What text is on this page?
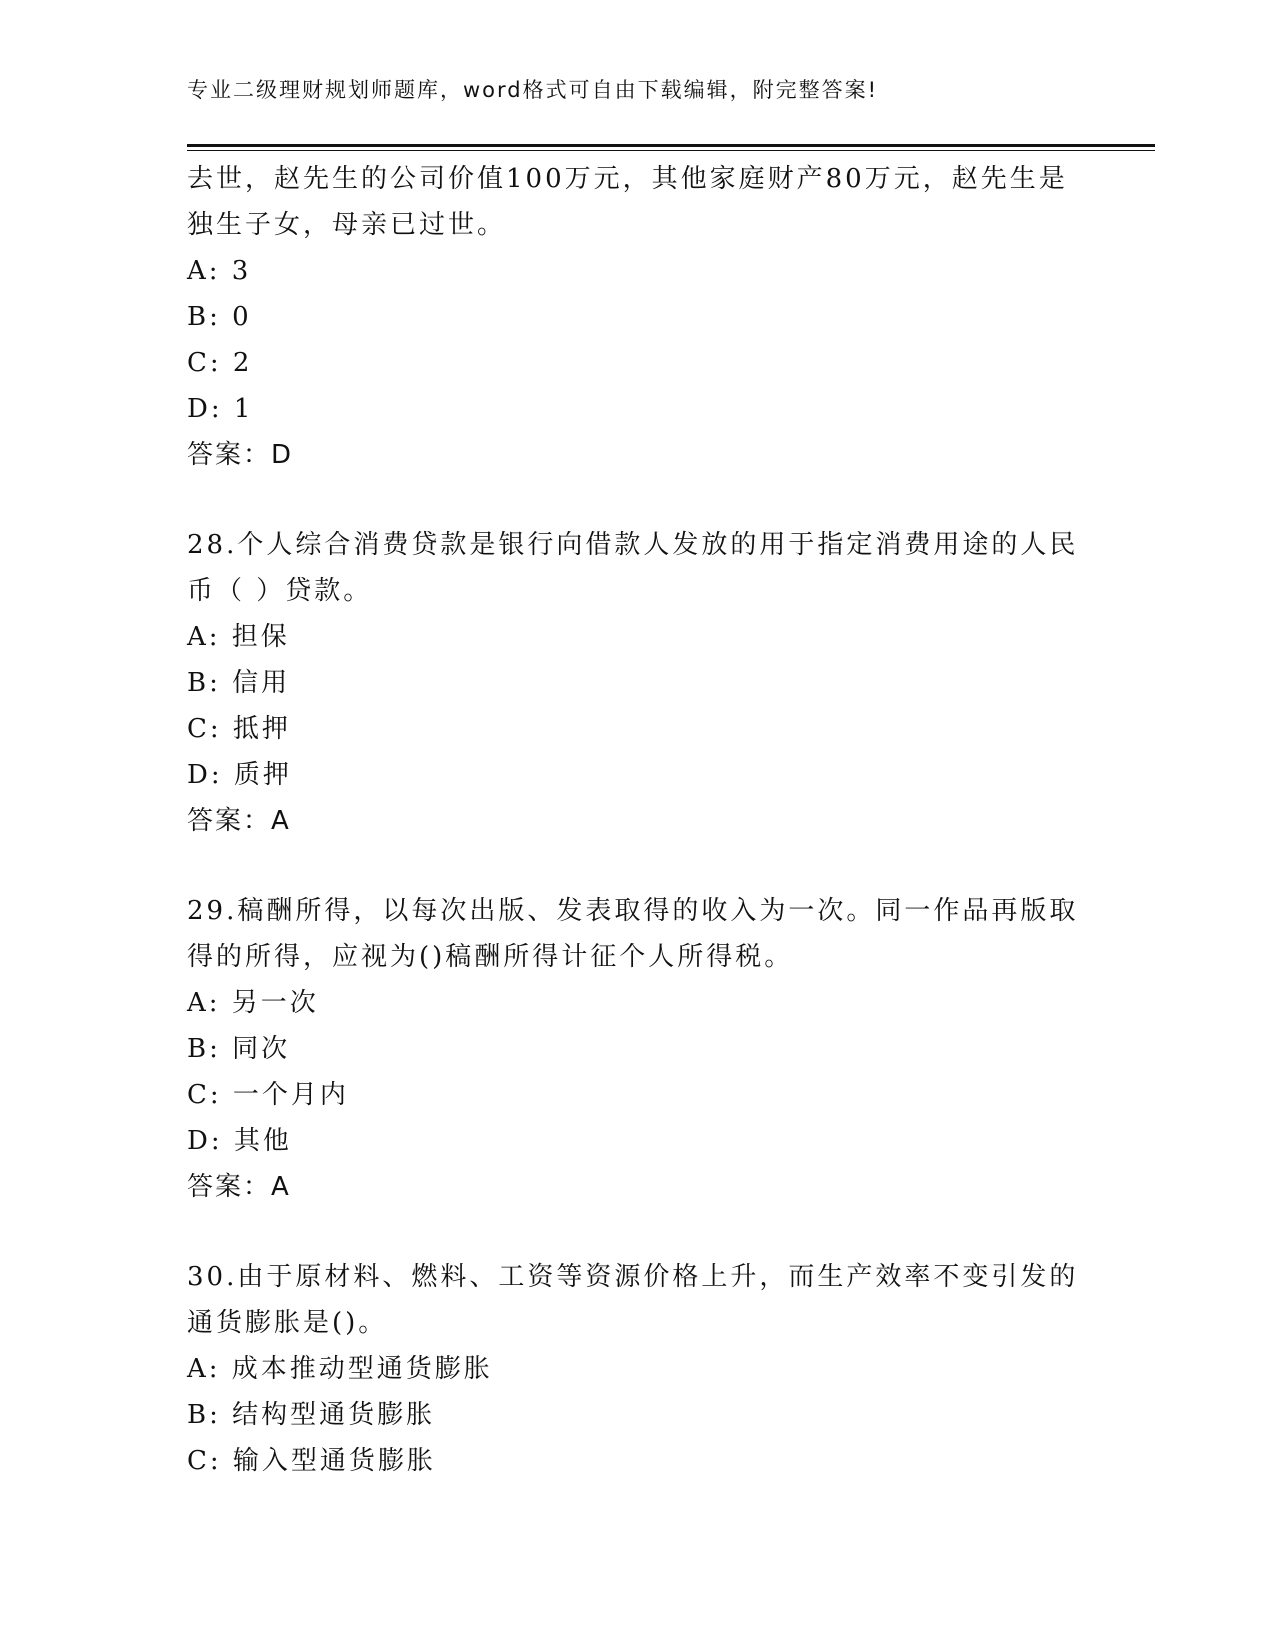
专业二级理财规划师题库，word格式可自由下载编辑，附完整答案!
去世，赵先生的公司价值100万元，其他家庭财产80万元，赵先生是
独生子女，母亲已过世。
A: 3
B: 0
C: 2
D: 1
答案：D
28.个人综合消费贷款是银行向借款人发放的用于指定消费用途的人民
币（ ）贷款。
A: 担保
B: 信用
C: 抵押
D: 质押
答案：A
29.稿酬所得，以每次出版、发表取得的收入为一次。同一作品再版取
得的所得，应视为()稿酬所得计征个人所得税。
A: 另一次
B: 同次
C: 一个月内
D: 其他
答案：A
30.由于原材料、燃料、工资等资源价格上升，而生产效率不变引发的
通货膨胀是()。
A: 成本推动型通货膨胀
B: 结构型通货膨胀
C: 输入型通货膨胀
